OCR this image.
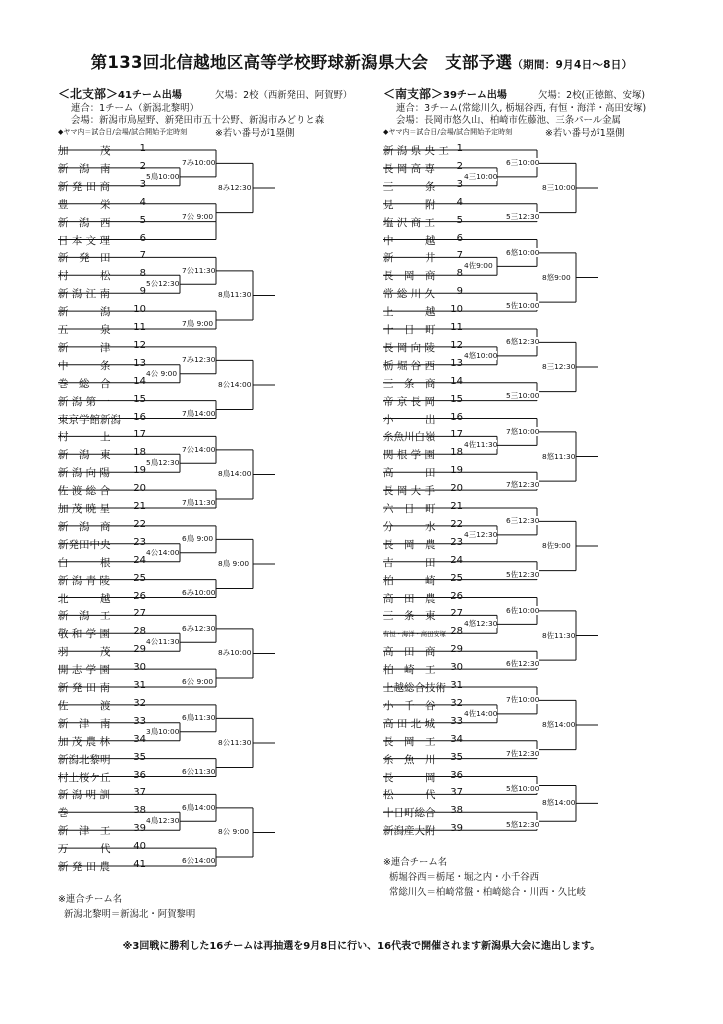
第133回北信越地区高等学校野球新潟県大会　支部予選（期間：9月4日～8日）
＜北支部＞41チーム出場	欠場：2校（西新発田、阿賀野）
連合：1チーム（新潟北黎明）
会場：新潟市鳥屋野、新発田市五十公野、新潟市みどりと森
◆ヤマ内＝試合日/会場/試合開始予定時刻	※若い番号が1塁側
＜南支部＞39チーム出場	欠場：2校(正徳館、安塚)
連合：3チーム(常総川久, 栃堀谷西, 有恒・海洋・高田安塚)
会場：長岡市悠久山、柏崎市佐藤池、三条パール金属
◆ヤマ内＝試合日/会場/試合開始予定時刻	※若い番号が1塁側
加　　　茂	1
新　潟　南	2
新 発 田 商	3
豊　　　栄	4
新　潟　西	5
日 本 文 理	6
新　発　田	7
村　　　松	8
新 潟 江 南	9
新　　　潟 10
五　　　泉 11
新　　　津 12
中　　　条 13
巻　総　合 14
新 潟 第 一 15
東京学館新潟 16
村　　　上 17
新　潟　東 18
新 潟 向 陽 19
佐 渡 総 合 20
加 茂 暁 星 21
新　潟　商 22
新発田中央 23
白　　　根 24
新 潟 青 陵 25
北　　　越 26
新　潟　工 27
敬 和 学 園 28
羽　　　茂 29
開 志 学 園 30
新 発 田 南 31
佐　　　渡 32
新　津　南 33
加 茂 農 林 34
新潟北黎明 35
村上桜ケ丘 36
新 潟 明 訓 37
巻	38
新　津　工 39
万　　　代 40
新 発 田 農 41
5鳥10:00
7み10:00
7公 9:00
8み12:30
5公12:30
7公11:30
7鳥 9:00
8鳥11:30
4公 9:00
7み12:30
7鳥14:00
8公14:00
5鳥12:30
7公14:00
7鳥11:30
8鳥14:00
4公14:00
6鳥 9:00
6み10:00
8鳥 9:00
4公11:30
6み12:30
6公 9:00
8み10:00
3鳥10:00
6鳥11:30
6公11:30
8公11:30
4鳥12:30
6鳥14:00
6公14:00
8公 9:00
新 潟 県 央 工 1
長 岡 高 専 2
三　　　条 3
見　　　附 4
塩 沢 商 工 5
中　　　越 6
新　　　井 7
長　岡　商 8
常 総 川 久 9
上　　　越 10
十　日　町 11
長 岡 向 陵 12
栃 堀 谷 西 13
三　条　商 14
帝 京 長 岡 15
小　　　出 16
糸魚川白嶺 17
関 根 学 園 18
高　　　田 19
長 岡 大 手 20
六　日　町 21
分　　　水 22
長　岡　農 23
吉　　　田 24
柏　　　崎 25
高　田　農 26
三　条　東 27
有恒・海洋・高田安塚 28
高　田　商 29
柏　崎　工 30
上越総合技術 31
小　千　谷 32
高 田 北 城 33
長　岡　工 34
糸　魚　川 35
長　　　岡 36
松　　　代 37
十日町総合 38
新潟産大附 39
4三10:00
6三10:00
5三12:30
8三10:00
4佐9:00
6悠10:00
5佐10:00
8悠9:00
4悠10:00
6悠12:30
5三10:00
8三12:30
4佐11:30
7悠10:00
7悠12:30
8悠11:30
4三12:30
6三12:30
5佐12:30
8佐9:00
4悠12:30
6佐10:00
6佐12:30
8佐11:30
4佐14:00
7佐10:00
7佐12:30
8悠14:00
5悠10:00
5悠12:30
8悠14:00
※連合チーム名
新潟北黎明＝新潟北・阿賀黎明
※連合チーム名
栃堀谷西＝栃尾・堀之内・小千谷西
常総川久＝柏崎常盤・柏崎総合・川西・久比岐
※3回戦に勝利した16チームは再抽選を9月8日に行い、16代表で開催されます新潟県大会に進出します。
